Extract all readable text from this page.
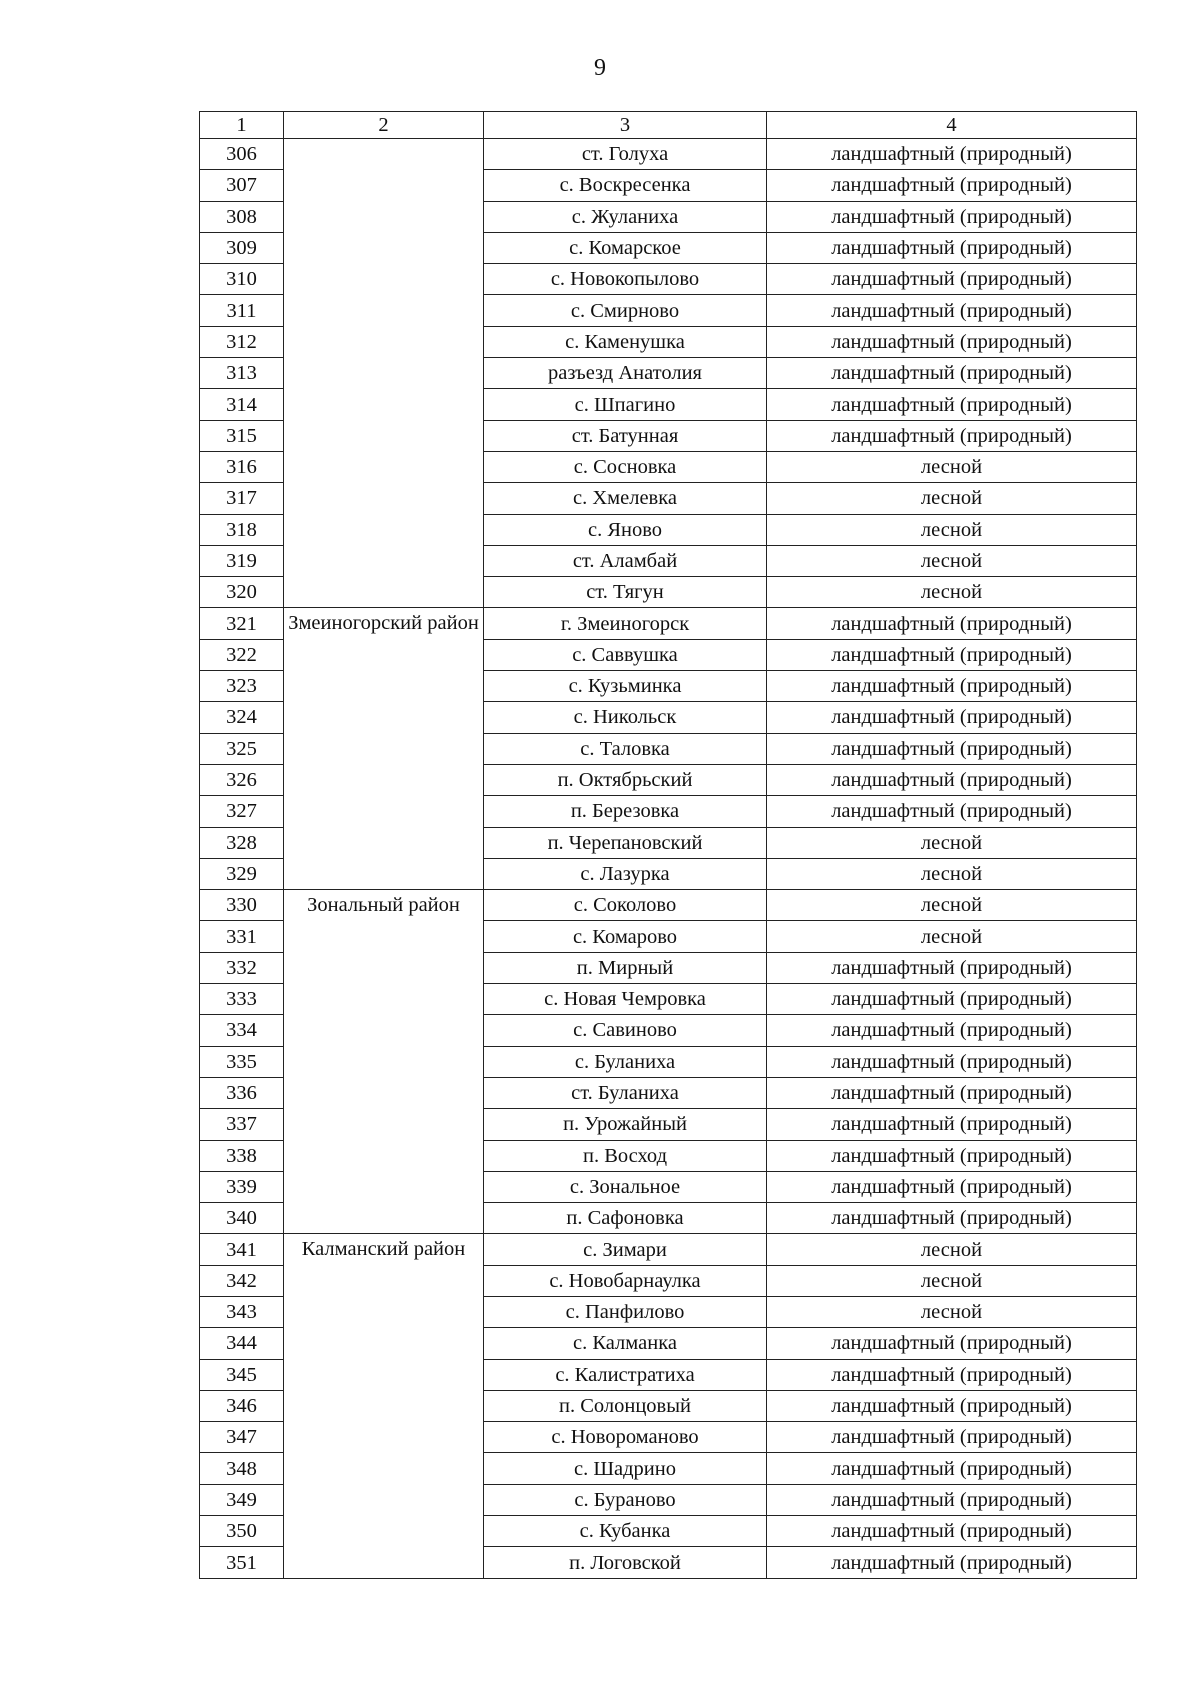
9
1	2	3	4
306		ст. Голуха	ландшафтный (природный)
307		с. Воскресенка	ландшафтный (природный)
308		с. Жуланиха	ландшафтный (природный)
309		с. Комарское	ландшафтный (природный)
310		с. Новокопылово	ландшафтный (природный)
311		с. Смирново	ландшафтный (природный)
312		с. Каменушка	ландшафтный (природный)
313		разъезд Анатолия	ландшафтный (природный)
314		с. Шпагино	ландшафтный (природный)
315		ст. Батунная	ландшафтный (природный)
316		с. Сосновка	лесной
317		с. Хмелевка	лесной
318		с. Яново	лесной
319		ст. Аламбай	лесной
320		ст. Тягун	лесной
321	Змеиногорский район	г. Змеиногорск	ландшафтный (природный)
322		с. Саввушка	ландшафтный (природный)
323		с. Кузьминка	ландшафтный (природный)
324		с. Никольск	ландшафтный (природный)
325		с. Таловка	ландшафтный (природный)
326		п. Октябрьский	ландшафтный (природный)
327		п. Березовка	ландшафтный (природный)
328		п. Черепановский	лесной
329		с. Лазурка	лесной
330	Зональный район	с. Соколово	лесной
331		с. Комарово	лесной
332		п. Мирный	ландшафтный (природный)
333		с. Новая Чемровка	ландшафтный (природный)
334		с. Савиново	ландшафтный (природный)
335		с. Буланиха	ландшафтный (природный)
336		ст. Буланиха	ландшафтный (природный)
337		п. Урожайный	ландшафтный (природный)
338		п. Восход	ландшафтный (природный)
339		с. Зональное	ландшафтный (природный)
340		п. Сафоновка	ландшафтный (природный)
341	Калманский район	с. Зимари	лесной
342		с. Новобарнаулка	лесной
343		с. Панфилово	лесной
344		с. Калманка	ландшафтный (природный)
345		с. Калистратиха	ландшафтный (природный)
346		п. Солонцовый	ландшафтный (природный)
347		с. Новороманово	ландшафтный (природный)
348		с. Шадрино	ландшафтный (природный)
349		с. Бураново	ландшафтный (природный)
350		с. Кубанка	ландшафтный (природный)
351		п. Логовской	ландшафтный (природный)
